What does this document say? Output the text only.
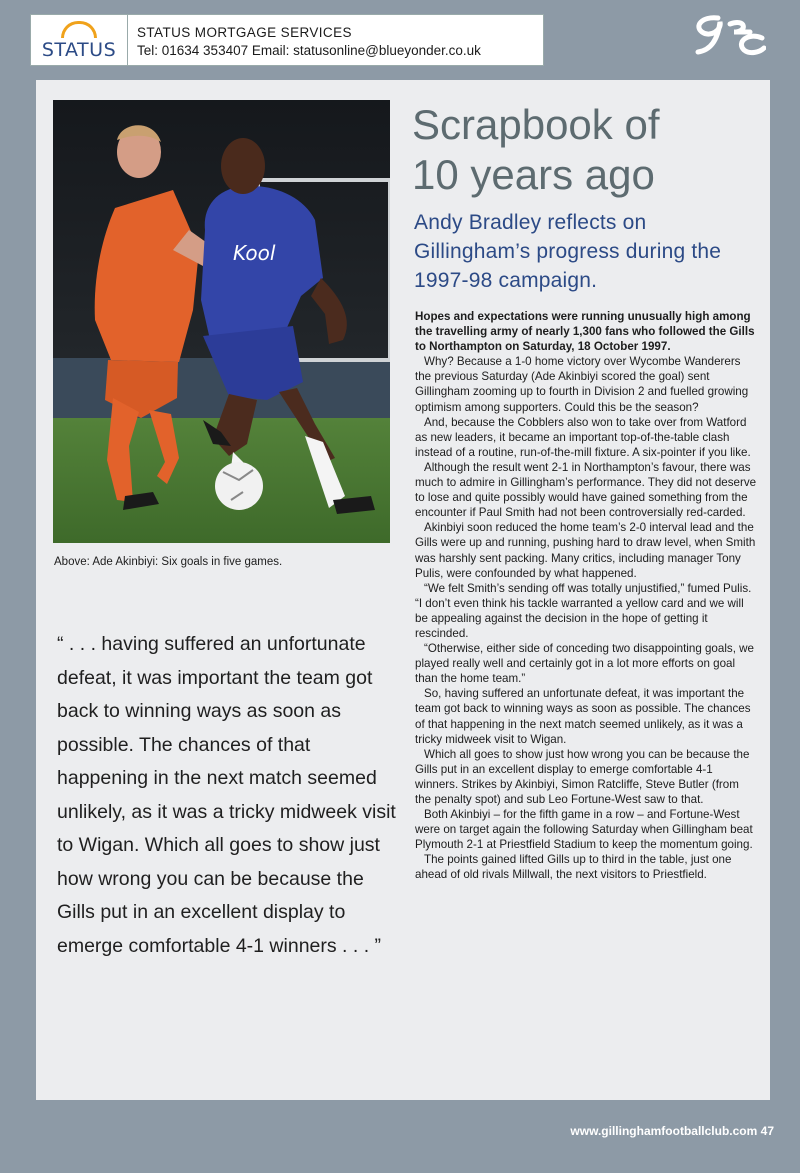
STATUS
STATUS MORTGAGE SERVICES
Tel: 01634 353407 Email: statusonline@blueyonder.co.uk
Kool
Above: Ade Akinbiyi: Six goals in five games.
“ . . . having suffered an unfortunate defeat, it was important the team got back to winning ways as soon as possible. The chances of that happening in the next match seemed unlikely, as it was a tricky midweek visit to Wigan. Which all goes to show just how wrong you can be because the Gills put in an excellent display to emerge comfortable 4-1 winners . . . ”
Scrapbook of
10 years ago
Andy Bradley reflects on Gillingham’s progress during the 1997-98 campaign.

Hopes and expectations were running unusually high among the travelling army of nearly 1,300 fans who followed the Gills to Northampton on Saturday, 18 October 1997.

Why? Because a 1-0 home victory over Wycombe Wanderers the previous Saturday (Ade Akinbiyi scored the goal) sent Gillingham zooming up to fourth in Division 2 and fuelled growing optimism among supporters. Could this be the season?

And, because the Cobblers also won to take over from Watford as new leaders, it became an important top-of-the-table clash instead of a routine, run-of-the-mill fixture. A six-pointer if you like.

Although the result went 2-1 in Northampton’s favour, there was much to admire in Gillingham’s performance. They did not deserve to lose and quite possibly would have gained something from the encounter if Paul Smith had not been controversially red-carded.

Akinbiyi soon reduced the home team’s 2-0 interval lead and the Gills were up and running, pushing hard to draw level, when Smith was harshly sent packing. Many critics, including manager Tony Pulis, were confounded by what happened.

“We felt Smith’s sending off was totally unjustified,” fumed Pulis. “I don’t even think his tackle warranted a yellow card and we will be appealing against the decision in the hope of getting it rescinded.

“Otherwise, either side of conceding two disappointing goals, we played really well and certainly got in a lot more efforts on goal than the home team.”

So, having suffered an unfortunate defeat, it was important the team got back to winning ways as soon as possible. The chances of that happening in the next match seemed unlikely, as it was a tricky midweek visit to Wigan.

Which all goes to show just how wrong you can be because the Gills put in an excellent display to emerge comfortable 4-1 winners. Strikes by Akinbiyi, Simon Ratcliffe, Steve Butler (from the penalty spot) and sub Leo Fortune-West saw to that.

Both Akinbiyi – for the fifth game in a row – and Fortune-West were on target again the following Saturday when Gillingham beat Plymouth 2-1 at Priestfield Stadium to keep the momentum going.

The points gained lifted Gills up to third in the table, just one ahead of old rivals Millwall, the next visitors to Priestfield.

www.gillinghamfootballclub.com 47
